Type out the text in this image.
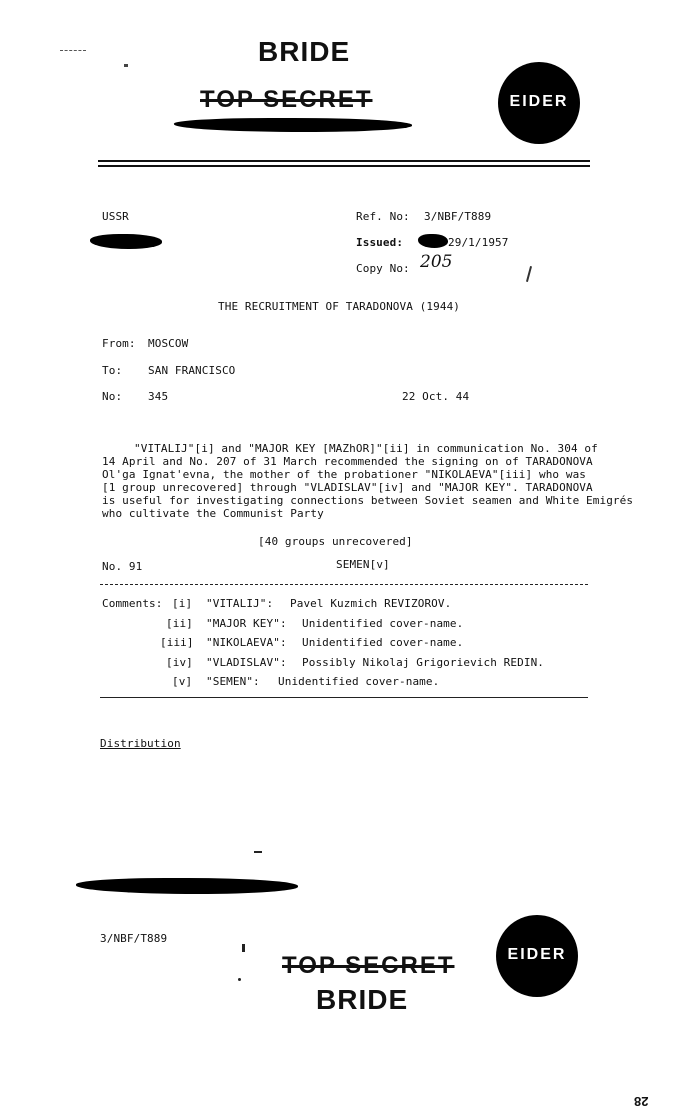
BRIDE
TOP SECRET	EIDER
USSR	Ref. No: 3/NBF/T889
Issued:	29/1/1957
Copy No: 205
THE RECRUITMENT OF TARADONOVA (1944)
From: MOSCOW
To: SAN FRANCISCO
No: 345	22 Oct. 44
"VITALIJ"[i] and "MAJOR KEY [MAZhOR]"[ii] in communication No. 304 of
14 April and No. 207 of 31 March recommended the signing on of TARADONOVA
Ol'ga Ignat'evna, the mother of the probationer "NIKOLAEVA"[iii] who was
[1 group unrecovered] through "VLADISLAV"[iv] and "MAJOR KEY". TARADONOVA
is useful for investigating connections between Soviet seamen and White Emigrés
who cultivate the Communist Party
[40 groups unrecovered]
No. 91	SEMEN[v]
Comments: [i] "VITALIJ": Pavel Kuzmich REVIZOROV.
[ii] "MAJOR KEY": Unidentified cover-name.
[iii] "NIKOLAEVA": Unidentified cover-name.
[iv] "VLADISLAV": Possibly Nikolaj Grigorievich REDIN.
[v] "SEMEN": Unidentified cover-name.
Distribution
3/NBF/T889
TOP SECRET
BRIDE
EIDER
28
